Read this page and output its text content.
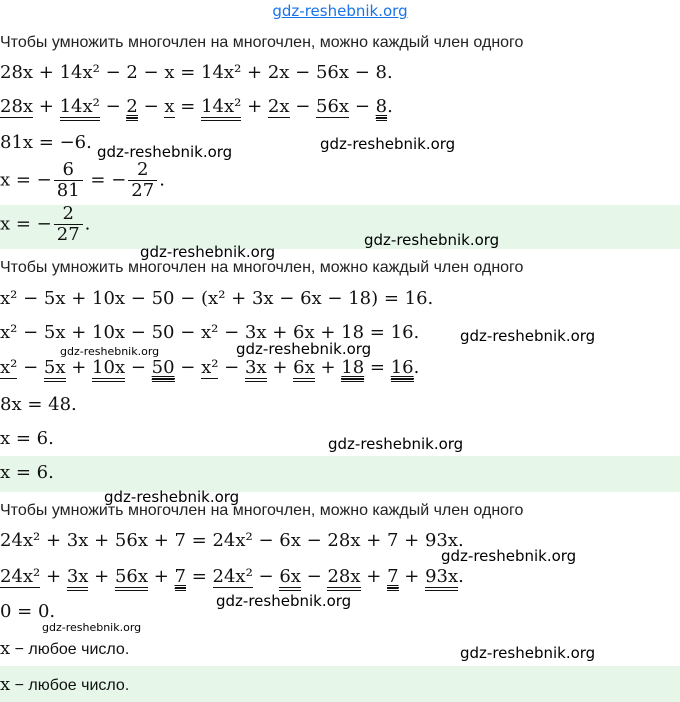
gdz-reshebnik.org
Чтобы умножить многочлен на многочлен, можно каждый член одного
28x + 14x² − 2 − x = 14x² + 2x − 56x − 8.
28x + 14x² − 2 − x = 14x² + 2x − 56x − 8.
81x = −6. gdz-reshebnik.org	gdz-reshebnik.org
x = − $\frac{6}{81}$ = − $\frac{2}{27}$ .
x = − $\frac{2}{27}$ .
gdz-reshebnik.org
gdz-reshebnik.org
Чтобы умножить многочлен на многочлен, можно каждый член одного
x² − 5x + 10x − 50 − (x² + 3x − 6x − 18) = 16.
x² − 5x + 10x − 50 − x² − 3x + 6x + 18 = 16.	gdz-reshebnik.org
gdz-reshebnik.org	gdz-reshebnik.org
x² − 5x + 10x − 50 − x² − 3x + 6x + 18 = 16.
8x = 48.
x = 6.	gdz-reshebnik.org
x = 6.
gdz-reshebnik.org
Чтобы умножить многочлен на многочлен, можно каждый член одного
24x² + 3x + 56x + 7 = 24x² − 6x − 28x + 7 + 93x.
gdz-reshebnik.org
24x² + 3x + 56x + 7 = 24x² − 6x − 28x + 7 + 93x.
gdz-reshebnik.org
0 = 0.
gdz-reshebnik.org
x − любое число.	gdz-reshebnik.org
x − любое число.
